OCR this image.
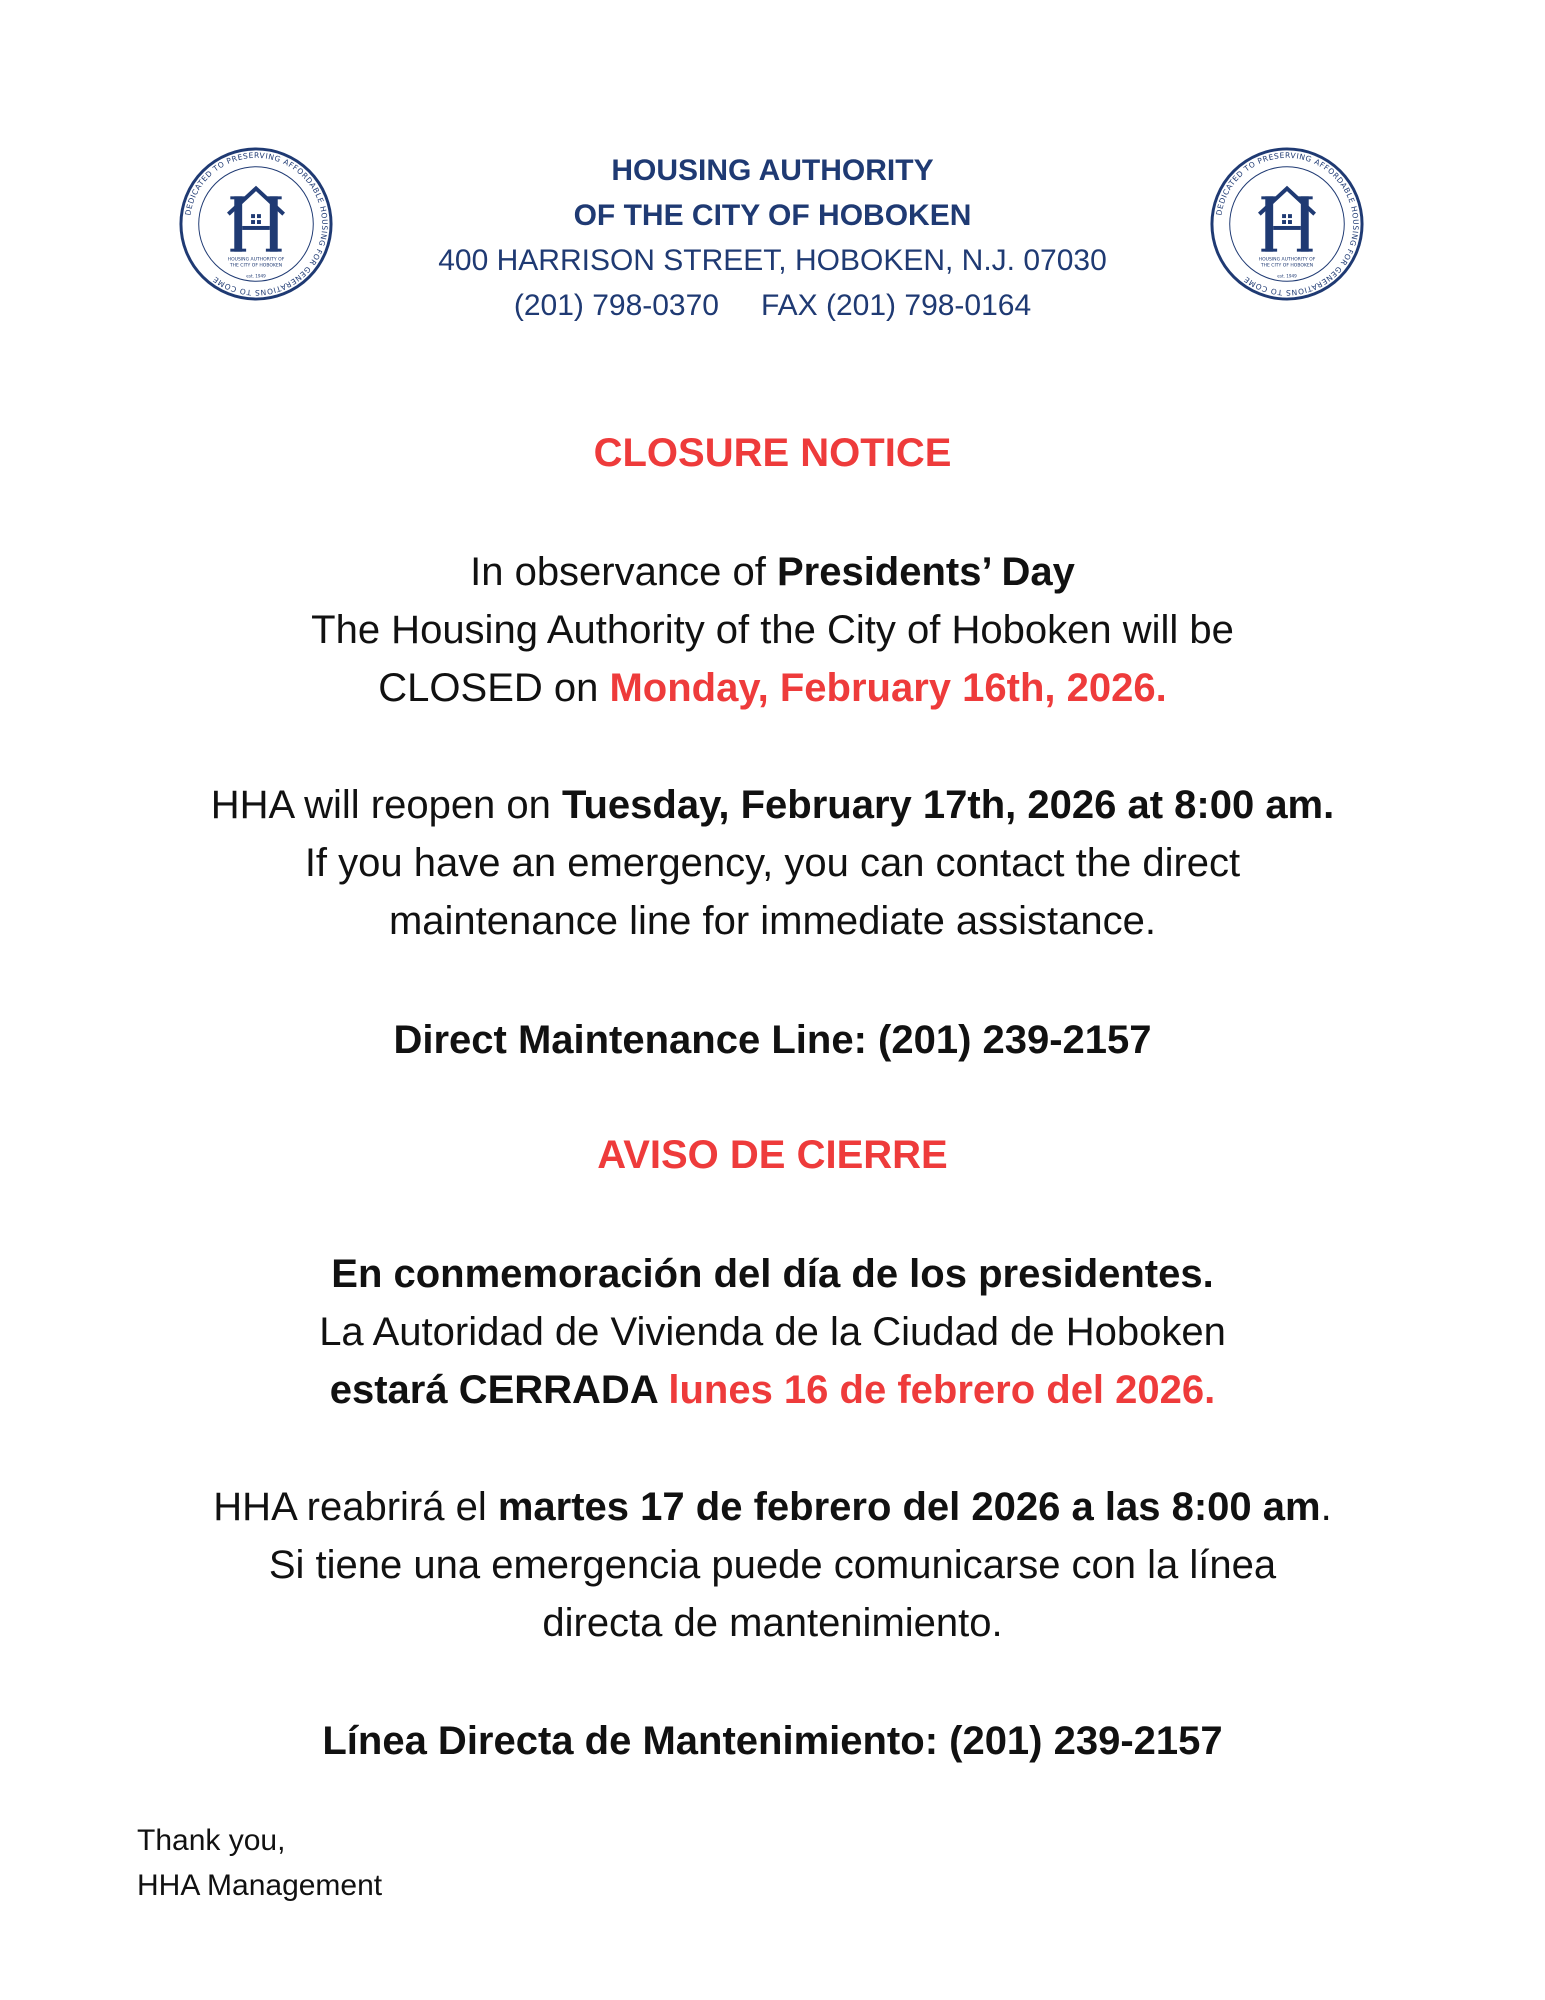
DEDICATED TO PRESERVING AFFORDABLE HOUSING FOR GENERATIONS TO COME
HOUSING AUTHORITY OF
THE CITY OF HOBOKEN
est. 1949
DEDICATED TO PRESERVING AFFORDABLE HOUSING FOR GENERATIONS TO COME
HOUSING AUTHORITY OF
THE CITY OF HOBOKEN
est. 1949
HOUSING AUTHORITY
OF THE CITY OF HOBOKEN
400 HARRISON STREET, HOBOKEN, N.J. 07030
(201) 798-0370 FAX (201) 798-0164
CLOSURE NOTICE
In observance of Presidents’ Day
The Housing Authority of the City of Hoboken will be
CLOSED on Monday, February 16th, 2026.
HHA will reopen on Tuesday, February 17th, 2026 at 8:00 am.
If you have an emergency, you can contact the direct
maintenance line for immediate assistance.
Direct Maintenance Line: (201) 239-2157
AVISO DE CIERRE
En conmemoración del día de los presidentes.
La Autoridad de Vivienda de la Ciudad de Hoboken
estará CERRADA lunes 16 de febrero del 2026.
HHA reabrirá el martes 17 de febrero del 2026 a las 8:00 am.
Si tiene una emergencia puede comunicarse con la línea
directa de mantenimiento.
Línea Directa de Mantenimiento: (201) 239-2157
Thank you,
HHA Management
